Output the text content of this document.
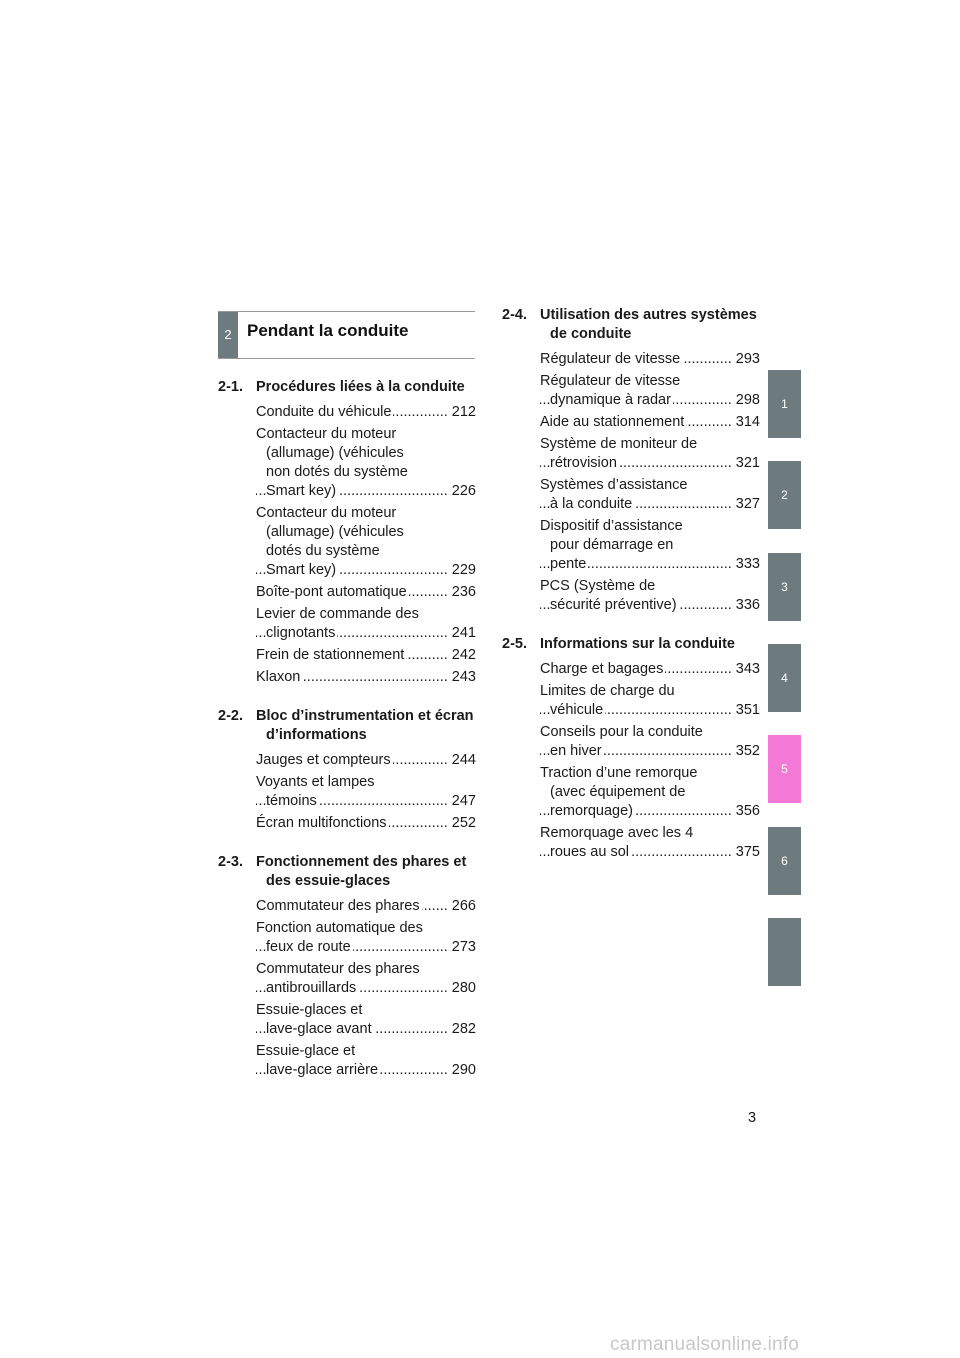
2 Pendant la conduite
2-1. Procédures liées à la conduite
Conduite du véhicule .....	212
Contacteur du moteur
(allumage) (véhicules
non dotés du système
Smart key) .....	226
Contacteur du moteur
(allumage) (véhicules
dotés du système
Smart key) .....	229
Boîte-pont automatique .....	236
Levier de commande des
clignotants .....	241
Frein de stationnement .....	242
Klaxon .....	243
2-2. Bloc d’instrumentation et écran d’informations
Jauges et compteurs .....	244
Voyants et lampes
témoins .....	247
Écran multifonctions .....	252
2-3. Fonctionnement des phares et des essuie-glaces
Commutateur des phares .....	266
Fonction automatique des
feux de route .....	273
Commutateur des phares
antibrouillards .....	280
Essuie-glaces et
lave-glace avant .....	282
Essuie-glace et
lave-glace arrière .....	290
2-4. Utilisation des autres systèmes de conduite
Régulateur de vitesse .....	293
Régulateur de vitesse
dynamique à radar .....	298
Aide au stationnement .....	314
Système de moniteur de
rétrovision .....	321
Systèmes d’assistance
à la conduite .....	327
Dispositif d’assistance
pour démarrage en
pente .....	333
PCS (Système de
sécurité préventive) .....	336
2-5. Informations sur la conduite
Charge et bagages .....	343
Limites de charge du
véhicule .....	351
Conseils pour la conduite
en hiver .....	352
Traction d’une remorque
(avec équipement de
remorquage) .....	356
Remorquage avec les 4
roues au sol .....	375
1
2
3
4
5
6
3
carmanualsonline.info
